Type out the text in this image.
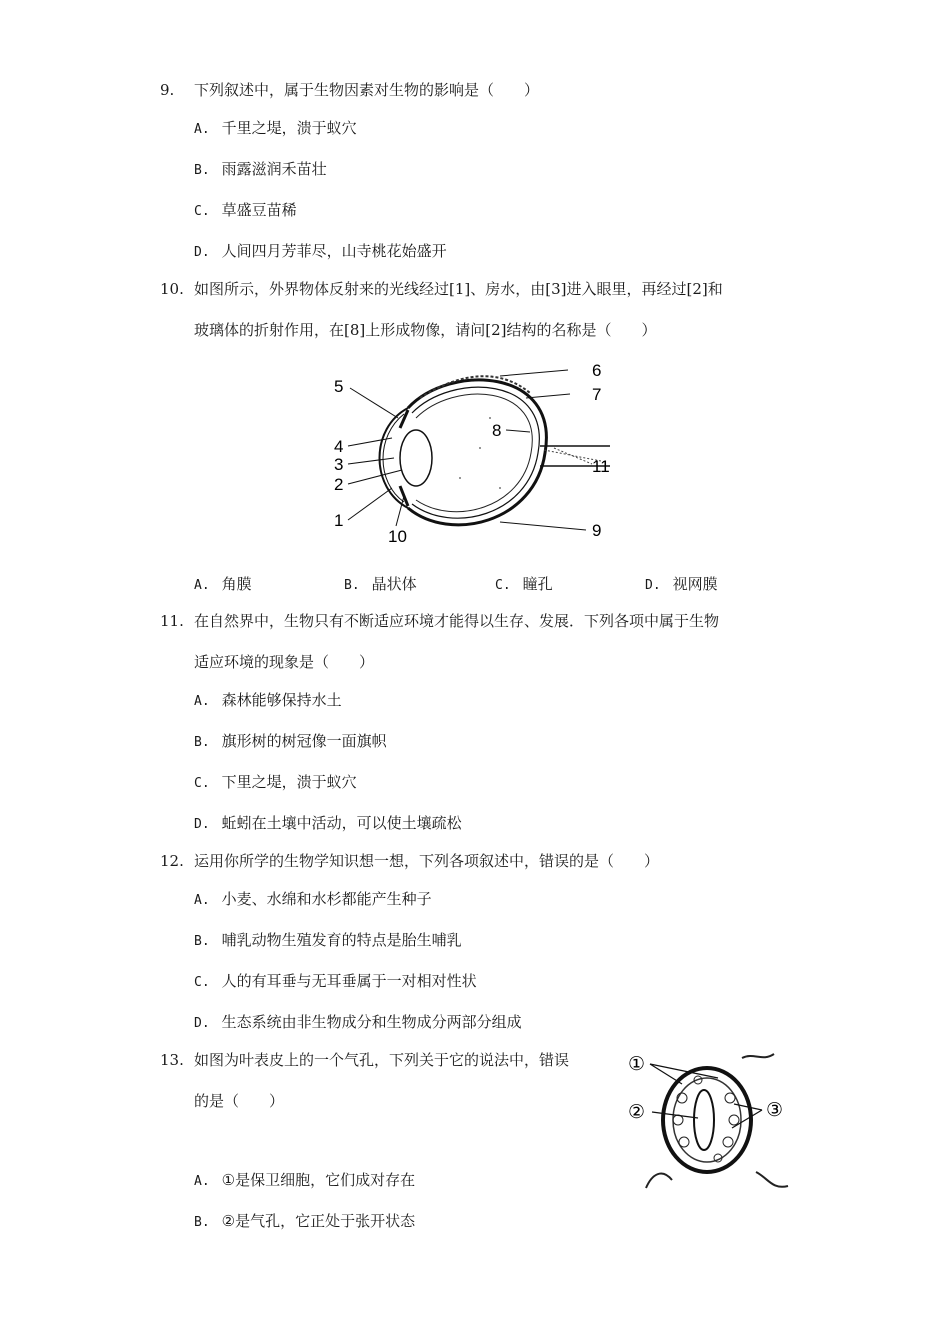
9. 下列叙述中，属于生物因素对生物的影响是（　　）
A. 千里之堤，溃于蚁穴
B. 雨露滋润禾苗壮
C. 草盛豆苗稀
D. 人间四月芳菲尽，山寺桃花始盛开
10. 如图所示，外界物体反射来的光线经过[1]、房水，由[3]进入眼里，再经过[2]和
玻璃体的折射作用，在[8]上形成物像，请问[2]结构的名称是（　　）
5
4
3
2
1
10
6
7
8
11
9
A. 角膜	B. 晶状体	C. 瞳孔	D. 视网膜
11. 在自然界中，生物只有不断适应环境才能得以生存、发展．下列各项中属于生物
适应环境的现象是（　　）
A. 森林能够保持水土
B. 旗形树的树冠像一面旗帜
C. 下里之堤，溃于蚁穴
D. 蚯蚓在土壤中活动，可以使土壤疏松
12. 运用你所学的生物学知识想一想，下列各项叙述中，错误的是（　　）
A. 小麦、水绵和水杉都能产生种子
B. 哺乳动物生殖发育的特点是胎生哺乳
C. 人的有耳垂与无耳垂属于一对相对性状
D. 生态系统由非生物成分和生物成分两部分组成
13. 如图为叶表皮上的一个气孔，下列关于它的说法中，错误
的是（　　）
①
②	③
A. ①是保卫细胞，它们成对存在
B. ②是气孔，它正处于张开状态
